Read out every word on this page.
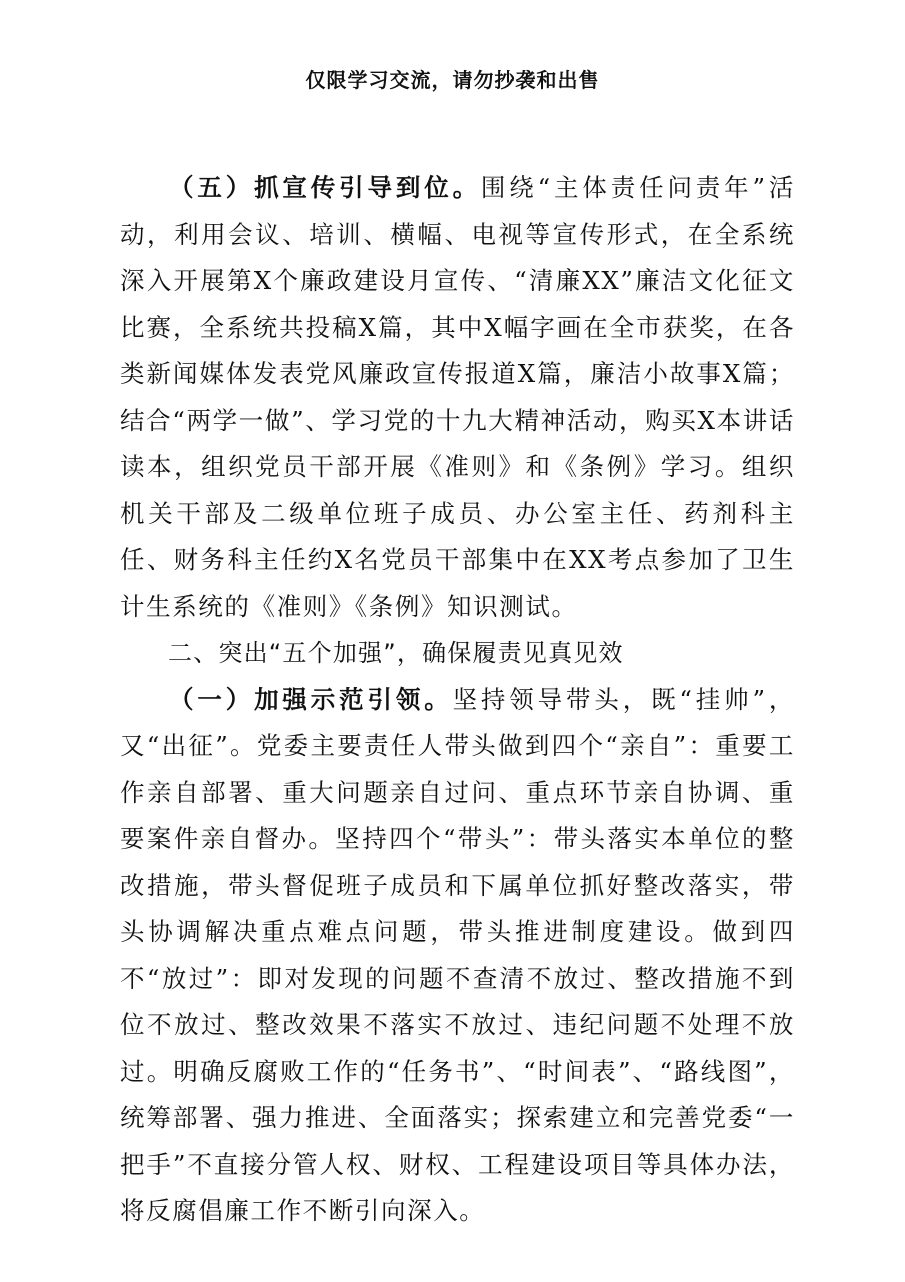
仅限学习交流，请勿抄袭和出售

（五）抓宣传引导到位。围绕“主体责任问责年”活动，利用会议、培训、横幅、电视等宣传形式，在全系统深入开展第X个廉政建设月宣传、“清廉XX”廉洁文化征文比赛，全系统共投稿X篇，其中X幅字画在全市获奖，在各类新闻媒体发表党风廉政宣传报道X篇，廉洁小故事X篇；结合“两学一做”、学习党的十九大精神活动，购买X本讲话读本，组织党员干部开展《准则》和《条例》学习。组织机关干部及二级单位班子成员、办公室主任、药剂科主任、财务科主任约X名党员干部集中在XX考点参加了卫生计生系统的《准则》《条例》知识测试。

二、突出“五个加强”，确保履责见真见效

（一）加强示范引领。坚持领导带头，既“挂帅”，又“出征”。党委主要责任人带头做到四个“亲自”：重要工作亲自部署、重大问题亲自过问、重点环节亲自协调、重要案件亲自督办。坚持四个“带头”：带头落实本单位的整改措施，带头督促班子成员和下属单位抓好整改落实，带头协调解决重点难点问题，带头推进制度建设。做到四不“放过”：即对发现的问题不查清不放过、整改措施不到位不放过、整改效果不落实不放过、违纪问题不处理不放过。明确反腐败工作的“任务书”、“时间表”、“路线图”，统筹部署、强力推进、全面落实；探索建立和完善党委“一把手”不直接分管人权、财权、工程建设项目等具体办法，将反腐倡廉工作不断引向深入。
